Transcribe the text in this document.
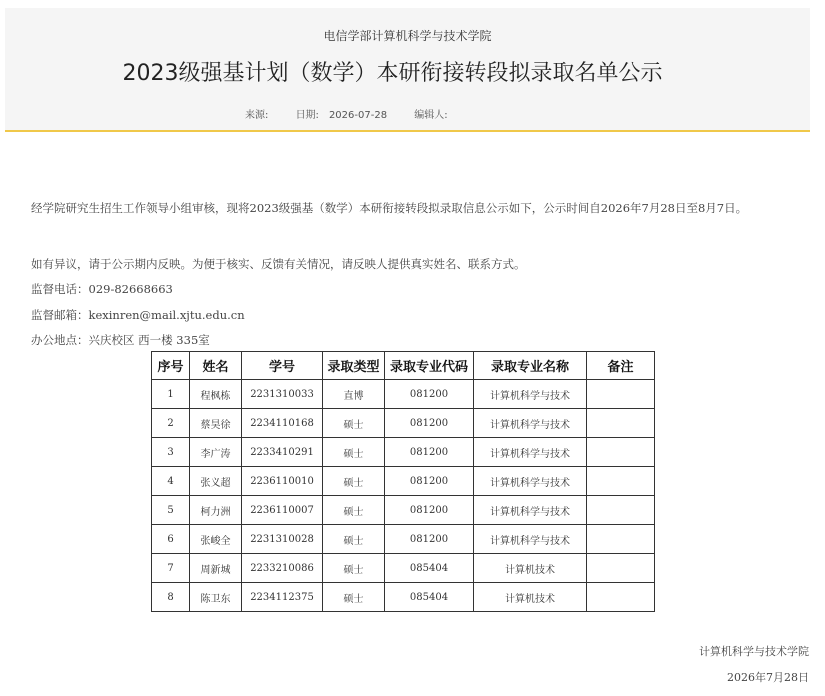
电信学部计算机科学与技术学院
2023级强基计划（数学）本研衔接转段拟录取名单公示
来源:	日期: 2026-07-28	编辑人:
经学院研究生招生工作领导小组审核，现将2023级强基（数学）本研衔接转段拟录取信息公示如下，公示时间自2026年7月28日至8月7日。
如有异议，请于公示期内反映。为便于核实、反馈有关情况，请反映人提供真实姓名、联系方式。
监督电话：029-82668663
监督邮箱：kexinren@mail.xjtu.edu.cn
办公地点：兴庆校区 西一楼 335室
序号	姓名	学号	录取类型	录取专业代码	录取专业名称	备注
1	程枫栋	2231310033	直博	081200	计算机科学与技术	
2	蔡昊徐	2234110168	硕士	081200	计算机科学与技术	
3	李广涛	2233410291	硕士	081200	计算机科学与技术	
4	张义超	2236110010	硕士	081200	计算机科学与技术	
5	柯力洲	2236110007	硕士	081200	计算机科学与技术	
6	张峻全	2231310028	硕士	081200	计算机科学与技术	
7	周新城	2233210086	硕士	085404	计算机技术	
8	陈卫东	2234112375	硕士	085404	计算机技术	
计算机科学与技术学院
2026年7月28日
